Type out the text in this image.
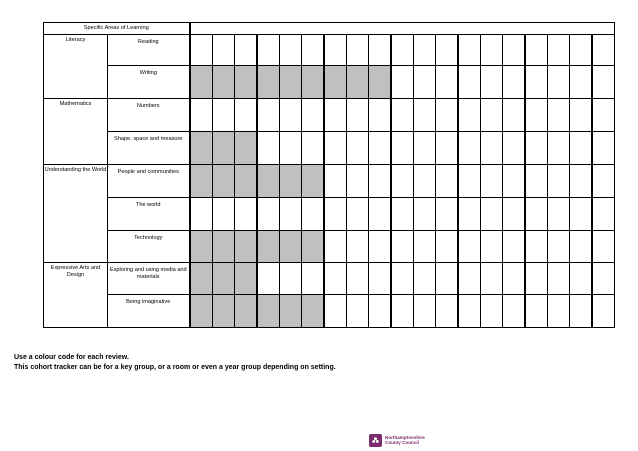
Specific Areas of Learning																				
Literacy	Reading																			
	Writing																			
Mathematics	Numbers																			
	Shape, space and measure																			
Understanding the World	People and communities																			
	The world																			
	Technology																			
Expressive Arts and Design	Exploring and using media and materials																			
	Being imaginative																			
Use a colour code for each review.
This cohort tracker can be for a key group, or a room or even a year group depending on setting.
Northamptonshire
County Council
